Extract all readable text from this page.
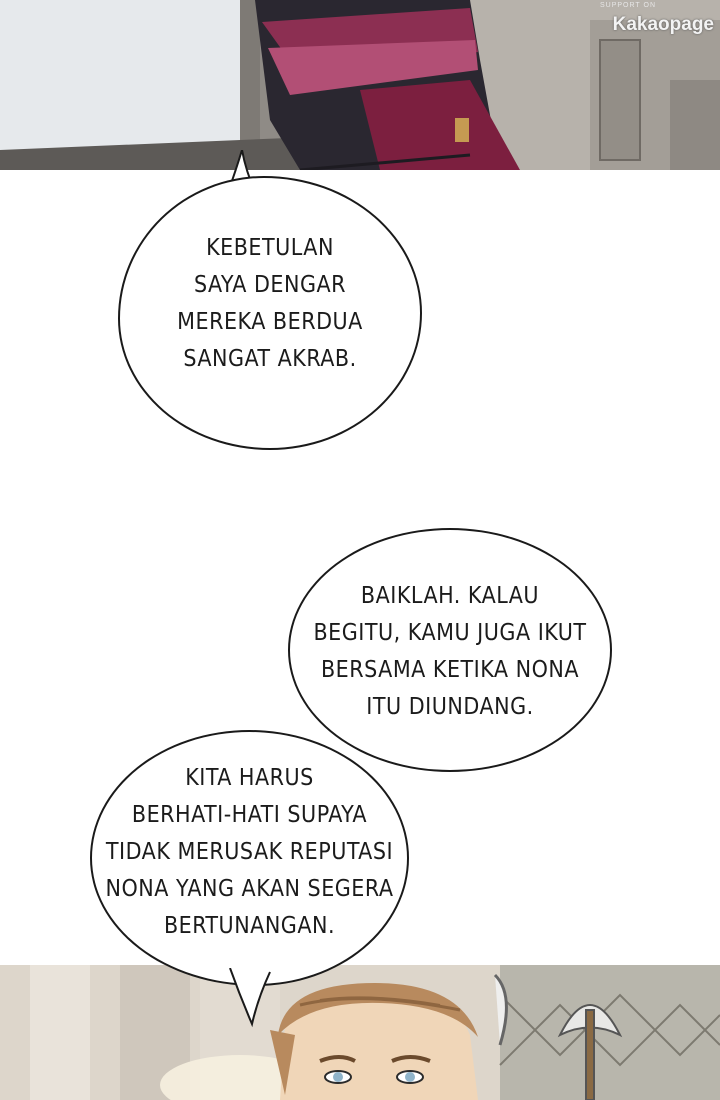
SUPPORT ON
Kakaopage
KEBETULAN
SAYA DENGAR
MEREKA BERDUA
SANGAT AKRAB.
BAIKLAH. KALAU
BEGITU, KAMU JUGA IKUT
BERSAMA KETIKA NONA
ITU DIUNDANG.
KITA HARUS
BERHATI-HATI SUPAYA
TIDAK MERUSAK REPUTASI
NONA YANG AKAN SEGERA
BERTUNANGAN.
